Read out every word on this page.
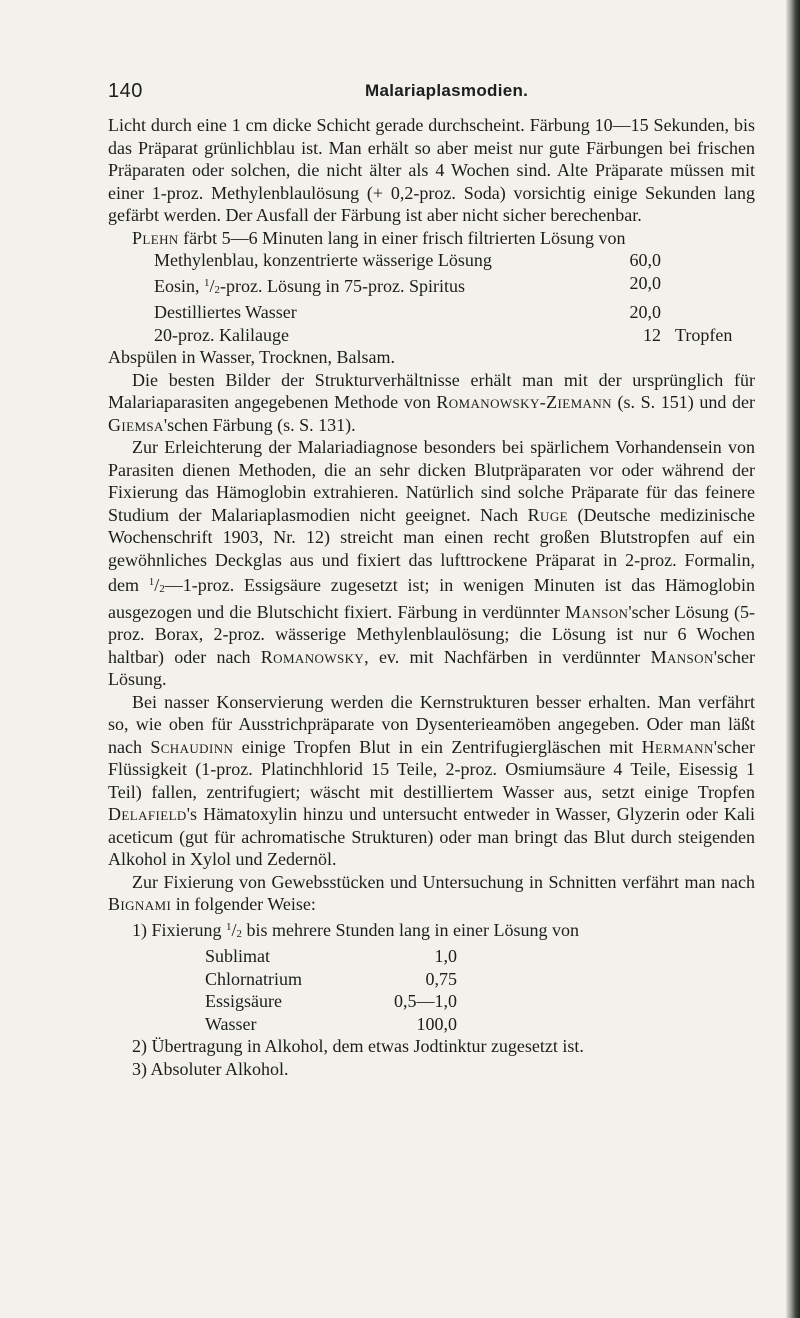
140	Malariaplasmodien.

Licht durch eine 1 cm dicke Schicht gerade durchscheint. Färbung 10—15 Sekunden, bis das Präparat grünlichblau ist. Man erhält so aber meist nur gute Färbungen bei frischen Präparaten oder solchen, die nicht älter als 4 Wochen sind. Alte Präparate müssen mit einer 1-proz. Methylenblaulösung (+ 0,2-proz. Soda) vorsichtig einige Sekunden lang gefärbt werden. Der Ausfall der Färbung ist aber nicht sicher berechenbar.

Plehn färbt 5—6 Minuten lang in einer frisch filtrierten Lösung von

Methylenblau, konzentrierte wässerige Lösung	60,0	
Eosin, $^1$/2-proz. Lösung in 75-proz. Spiritus	20,0	
Destilliertes Wasser	20,0	
20-proz. Kalilauge	12	Tropfen

Abspülen in Wasser, Trocknen, Balsam.

Die besten Bilder der Strukturverhältnisse erhält man mit der ursprünglich für Malariaparasiten angegebenen Methode von Romanowsky-Ziemann (s. S. 151) und der Giemsa'schen Färbung (s. S. 131).

Zur Erleichterung der Malariadiagnose besonders bei spärlichem Vorhandensein von Parasiten dienen Methoden, die an sehr dicken Blutpräparaten vor oder während der Fixierung das Hämoglobin extrahieren. Natürlich sind solche Präparate für das feinere Studium der Malariaplasmodien nicht geeignet. Nach Ruge (Deutsche medizinische Wochenschrift 1903, Nr. 12) streicht man einen recht großen Blutstropfen auf ein gewöhnliches Deckglas aus und fixiert das lufttrockene Präparat in 2-proz. Formalin, dem $^1$/2—1-proz. Essigsäure zugesetzt ist; in wenigen Minuten ist das Hämoglobin ausgezogen und die Blutschicht fixiert. Färbung in verdünnter Manson'scher Lösung (5-proz. Borax, 2-proz. wässerige Methylenblaulösung; die Lösung ist nur 6 Wochen haltbar) oder nach Romanowsky, ev. mit Nachfärben in verdünnter Manson'scher Lösung.

Bei nasser Konservierung werden die Kernstrukturen besser erhalten. Man verfährt so, wie oben für Ausstrichpräparate von Dysenterieamöben angegeben. Oder man läßt nach Schaudinn einige Tropfen Blut in ein Zentrifugiergläschen mit Hermann'scher Flüssigkeit (1-proz. Platinchhlorid 15 Teile, 2-proz. Osmiumsäure 4 Teile, Eisessig 1 Teil) fallen, zentrifugiert; wäscht mit destilliertem Wasser aus, setzt einige Tropfen Delafield's Hämatoxylin hinzu und untersucht entweder in Wasser, Glyzerin oder Kali aceticum (gut für achromatische Strukturen) oder man bringt das Blut durch steigenden Alkohol in Xylol und Zedernöl.

Zur Fixierung von Gewebsstücken und Untersuchung in Schnitten verfährt man nach Bignami in folgender Weise:

1) Fixierung $^1$/2 bis mehrere Stunden lang in einer Lösung von

Sublimat	1,0
Chlornatrium	0,75
Essigsäure	0,5—1,0
Wasser	100,0

2) Übertragung in Alkohol, dem etwas Jodtinktur zugesetzt ist.

3) Absoluter Alkohol.
